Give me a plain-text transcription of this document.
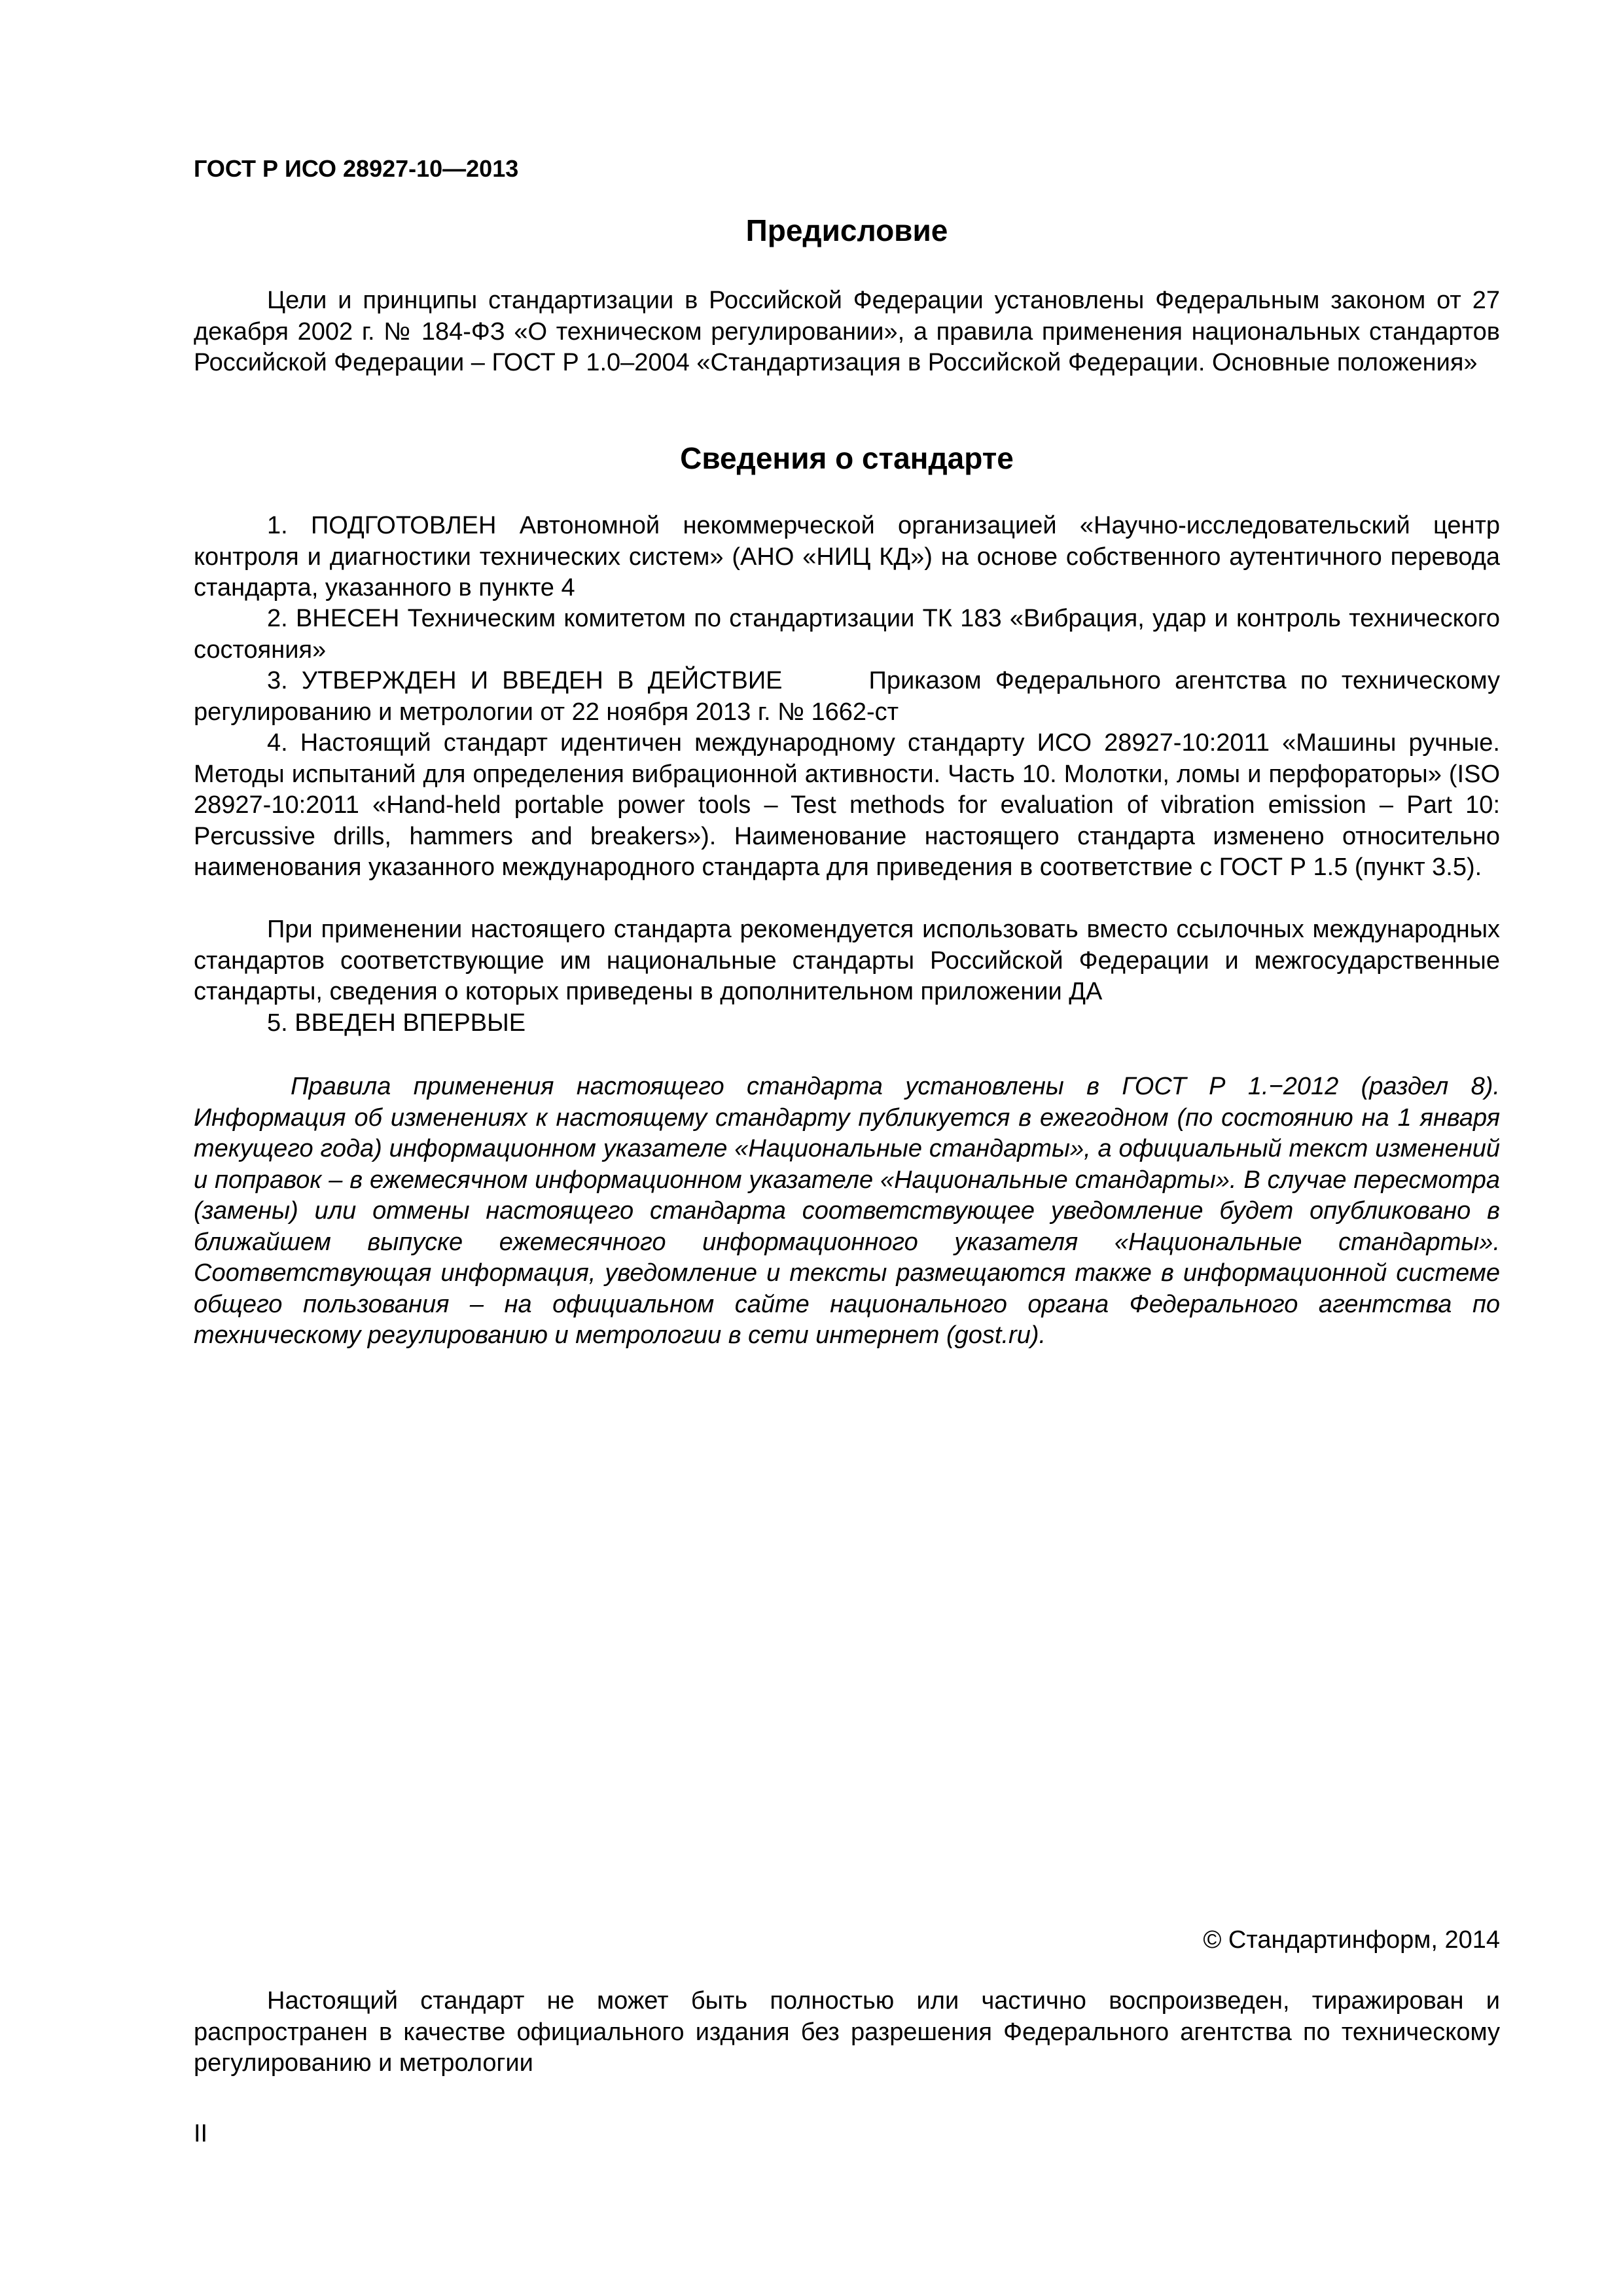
ГОСТ Р ИСО 28927-10—2013
Предисловие

Цели и принципы стандартизации в Российской Федерации установлены Федеральным законом от 27 декабря 2002 г. № 184-ФЗ «О техническом регулировании», а правила применения национальных стандартов Российской Федерации – ГОСТ Р 1.0–2004 «Стандартизация в Российской Федерации. Основные положения»

Сведения о стандарте

1. ПОДГОТОВЛЕН Автономной некоммерческой организацией «Научно-исследовательский центр контроля и диагностики технических систем» (АНО «НИЦ КД») на основе собственного аутентичного перевода стандарта, указанного в пункте 4

2. ВНЕСЕН Техническим комитетом по стандартизации ТК 183 «Вибрация, удар и контроль технического состояния»

3. УТВЕРЖДЕН И ВВЕДЕН В ДЕЙСТВИЕ	Приказом Федерального агентства по техническому регулированию и метрологии от 22 ноября 2013 г. № 1662-ст

4. Настоящий стандарт идентичен международному стандарту ИСО 28927-10:2011 «Машины ручные. Методы испытаний для определения вибрационной активности. Часть 10. Молотки, ломы и перфораторы» (ISO 28927-10:2011 «Hand-held portable power tools – Test methods for evaluation of vibration emission – Part 10: Percussive drills, hammers and breakers»). Наименование настоящего стандарта изменено относительно наименования указанного международного стандарта для приведения в соответствие с ГОСТ Р 1.5 (пункт 3.5).

При применении настоящего стандарта рекомендуется использовать вместо ссылочных международных стандартов соответствующие им национальные стандарты Российской Федерации и межгосударственные стандарты, сведения о которых приведены в дополнительном приложении ДА

5. ВВЕДЕН ВПЕРВЫЕ

Правила применения настоящего стандарта установлены в ГОСТ Р 1.−2012 (раздел 8). Информация об изменениях к настоящему стандарту публикуется в ежегодном (по состоянию на 1 января текущего года) информационном указателе «Национальные стандарты», а официальный текст изменений и поправок – в ежемесячном информационном указателе «Национальные стандарты». В случае пересмотра (замены) или отмены настоящего стандарта соответствующее уведомление будет опубликовано в ближайшем выпуске ежемесячного информационного указателя «Национальные стандарты». Соответствующая информация, уведомление и тексты размещаются также в информационной системе общего пользования – на официальном сайте национального органа Федерального агентства по техническому регулированию и метрологии в сети интернет (gost.ru).

© Стандартинформ, 2014

Настоящий стандарт не может быть полностью или частично воспроизведен, тиражирован и распространен в качестве официального издания без разрешения Федерального агентства по техническому регулированию и метрологии

II
